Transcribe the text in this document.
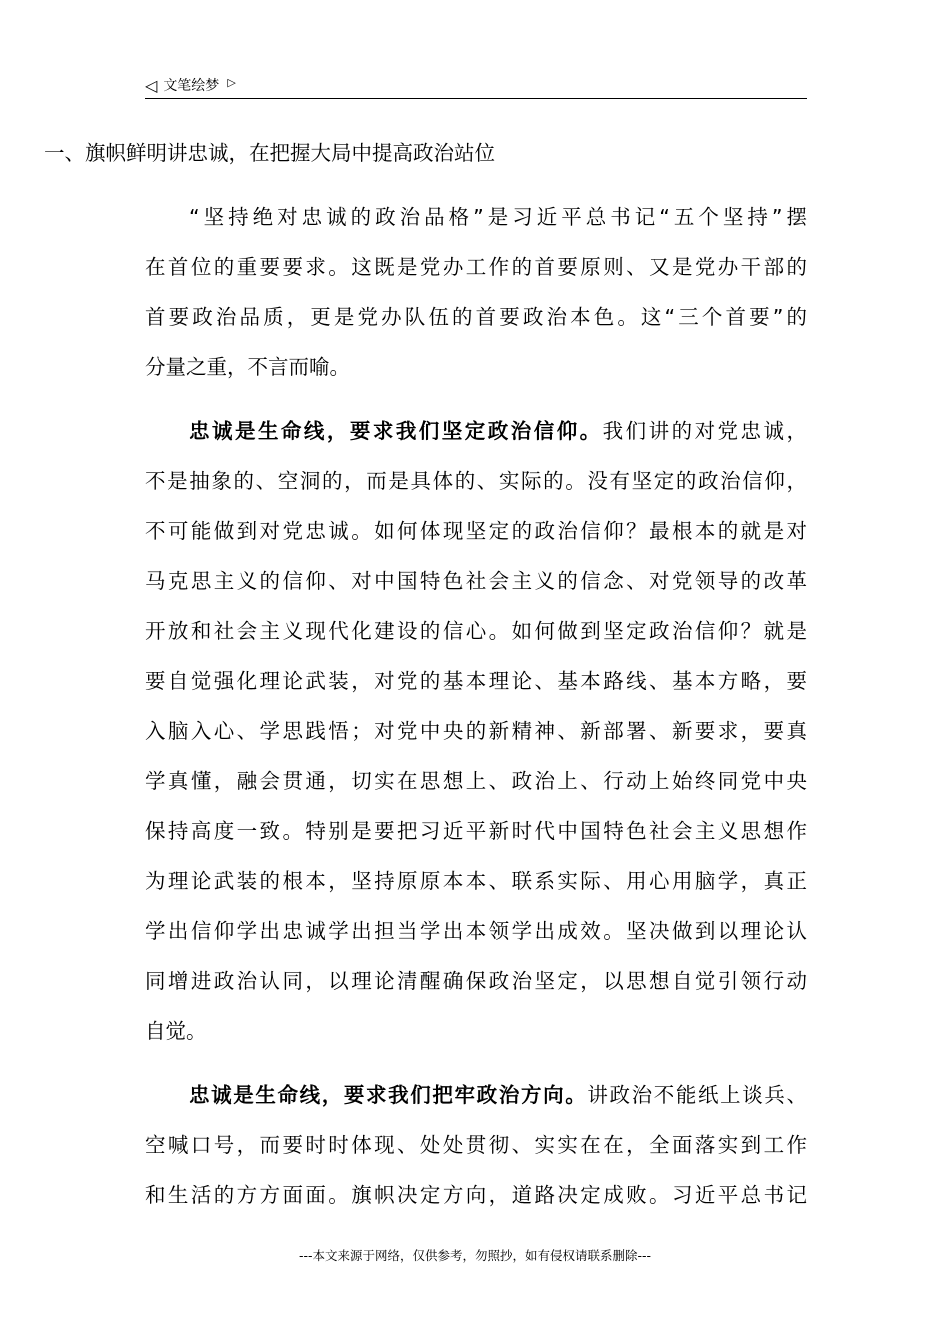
◁ 文笔绘梦 ▷
一、旗帜鲜明讲忠诚，在把握大局中提高政治站位
“坚持绝对忠诚的政治品格”是习近平总书记“五个坚持”摆
在首位的重要要求。这既是党办工作的首要原则、又是党办干部的
首要政治品质，更是党办队伍的首要政治本色。这“三个首要”的
分量之重，不言而喻。
忠诚是生命线，要求我们坚定政治信仰。我们讲的对党忠诚，
不是抽象的、空洞的，而是具体的、实际的。没有坚定的政治信仰，
不可能做到对党忠诚。如何体现坚定的政治信仰？最根本的就是对
马克思主义的信仰、对中国特色社会主义的信念、对党领导的改革
开放和社会主义现代化建设的信心。如何做到坚定政治信仰？就是
要自觉强化理论武装，对党的基本理论、基本路线、基本方略，要
入脑入心、学思践悟；对党中央的新精神、新部署、新要求，要真
学真懂，融会贯通，切实在思想上、政治上、行动上始终同党中央
保持高度一致。特别是要把习近平新时代中国特色社会主义思想作
为理论武装的根本，坚持原原本本、联系实际、用心用脑学，真正
学出信仰学出忠诚学出担当学出本领学出成效。坚决做到以理论认
同增进政治认同，以理论清醒确保政治坚定，以思想自觉引领行动
自觉。
忠诚是生命线，要求我们把牢政治方向。讲政治不能纸上谈兵、
空喊口号，而要时时体现、处处贯彻、实实在在，全面落实到工作
和生活的方方面面。旗帜决定方向，道路决定成败。习近平总书记
---本文来源于网络，仅供参考，勿照抄，如有侵权请联系删除---
